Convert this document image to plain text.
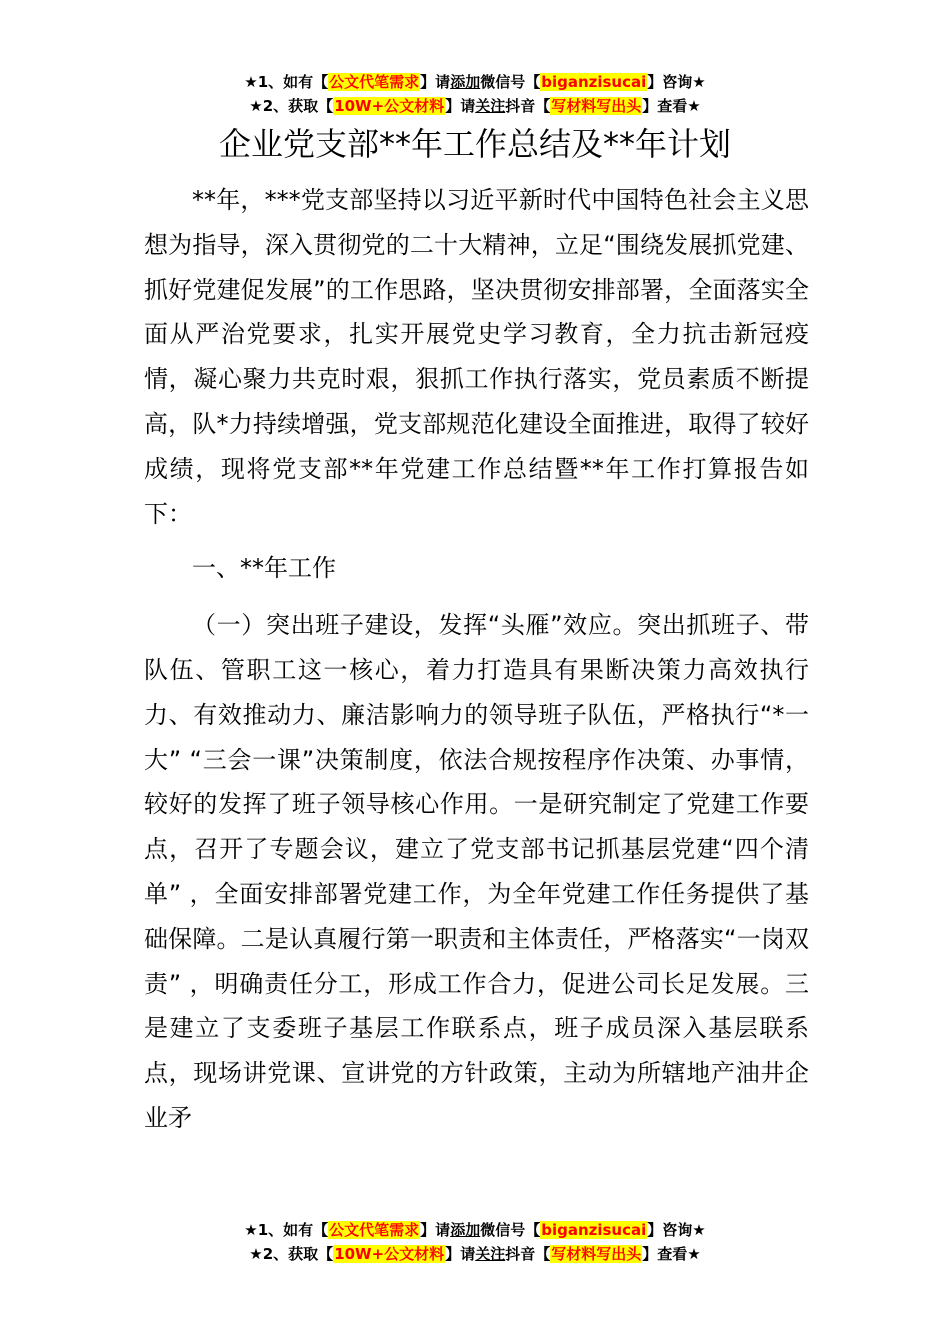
★1、如有【公文代笔需求】请添加微信号【biganzisucai】咨询★
★2、获取【10W+公文材料】请关注抖音【写材料写出头】查看★
企业党支部**年工作总结及**年计划

**年，***党支部坚持以习近平新时代中国特色社会主义思想为指导，深入贯彻党的二十大精神，立足“围绕发展抓党建、抓好党建促发展”的工作思路，坚决贯彻安排部署，全面落实全面从严治党要求，扎实开展党史学习教育，全力抗击新冠疫情，凝心聚力共克时艰，狠抓工作执行落实，党员素质不断提高，队*力持续增强，党支部规范化建设全面推进，取得了较好成绩，现将党支部**年党建工作总结暨**年工作打算报告如下：

一、**年工作

（一）突出班子建设，发挥“头雁”效应。突出抓班子、带队伍、管职工这一核心，着力打造具有果断决策力高效执行力、有效推动力、廉洁影响力的领导班子队伍，严格执行“*一大” “三会一课”决策制度，依法合规按程序作决策、办事情，较好的发挥了班子领导核心作用。一是研究制定了党建工作要点，召开了专题会议，建立了党支部书记抓基层党建“四个清单” ，全面安排部署党建工作，为全年党建工作任务提供了基础保障。二是认真履行第一职责和主体责任，严格落实“一岗双责” ，明确责任分工，形成工作合力，促进公司长足发展。三是建立了支委班子基层工作联系点，班子成员深入基层联系点，现场讲党课、宣讲党的方针政策，主动为所辖地产油井企业矛

★1、如有【公文代笔需求】请添加微信号【biganzisucai】咨询★
★2、获取【10W+公文材料】请关注抖音【写材料写出头】查看★
